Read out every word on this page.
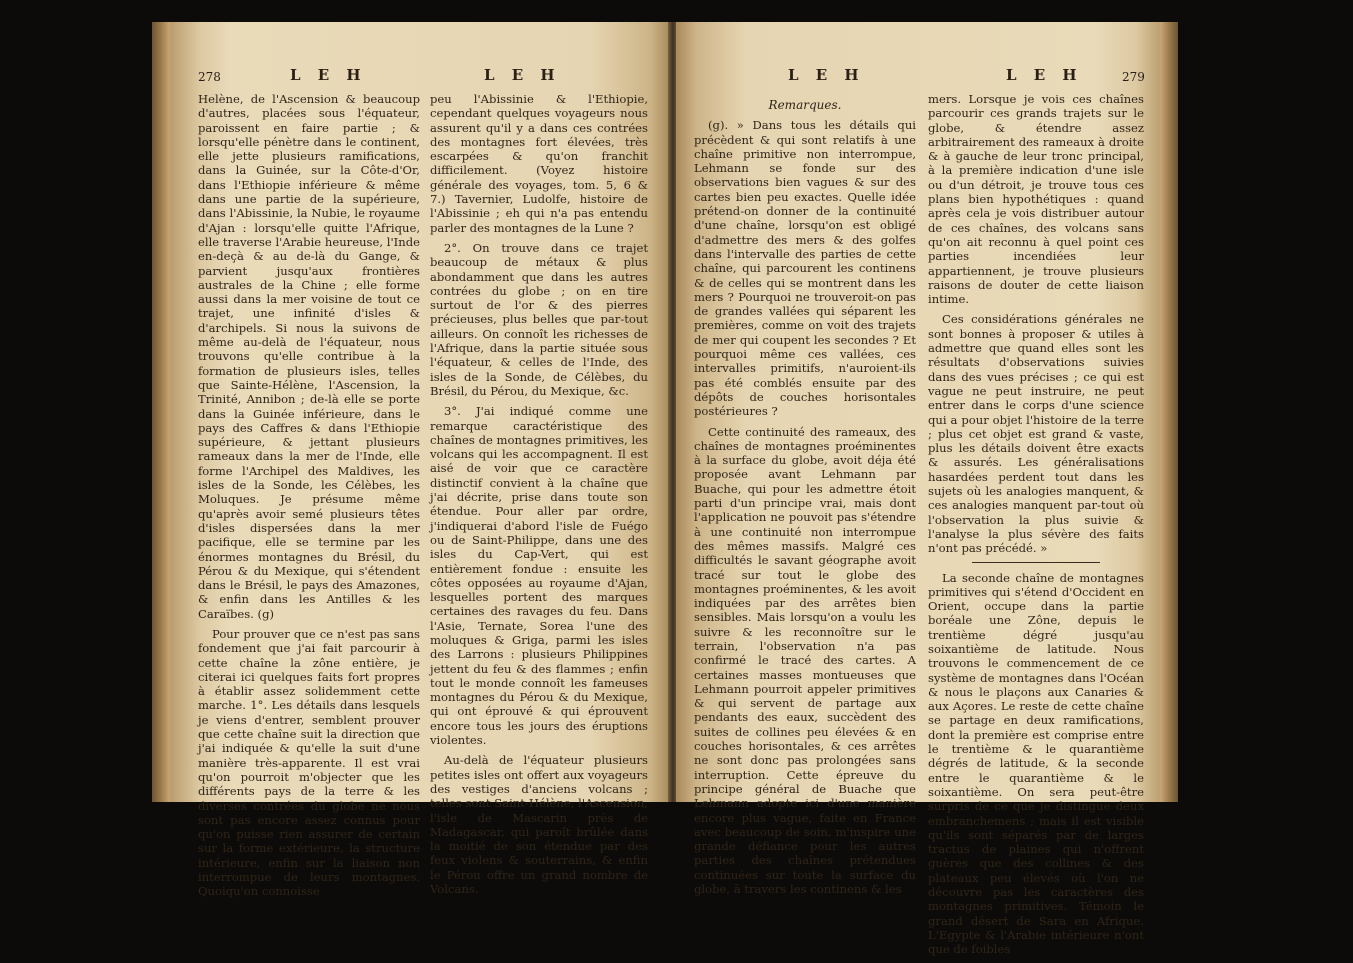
278	L E H	L E H

Helène, de l'Ascension & beaucoup d'autres, placées sous l'équateur, paroissent en faire partie ; & lorsqu'elle pénètre dans le continent, elle jette plusieurs ramifications, dans la Guinée, sur la Côte-d'Or, dans l'Ethiopie inférieure & même dans une partie de la supérieure, dans l'Abissinie, la Nubie, le royaume d'Ajan : lorsqu'elle quitte l'Afrique, elle traverse l'Arabie heureuse, l'Inde en-deçà & au de-là du Gange, & parvient jusqu'aux frontières australes de la Chine ; elle forme aussi dans la mer voisine de tout ce trajet, une infinité d'isles & d'archipels. Si nous la suivons de même au-delà de l'équateur, nous trouvons qu'elle contribue à la formation de plusieurs isles, telles que Sainte-Hélène, l'Ascension, la Trinité, Annibon ; de-là elle se porte dans la Guinée inférieure, dans le pays des Caffres & dans l'Ethiopie supérieure, & jettant plusieurs rameaux dans la mer de l'Inde, elle forme l'Archipel des Maldives, les isles de la Sonde, les Célèbes, les Moluques. Je présume même qu'après avoir semé plusieurs têtes d'isles dispersées dans la mer pacifique, elle se termine par les énormes montagnes du Brésil, du Pérou & du Mexique, qui s'étendent dans le Brésil, le pays des Amazones, & enfin dans les Antilles & les Caraïbes. (g)

Pour prouver que ce n'est pas sans fondement que j'ai fait parcourir à cette chaîne la zône entière, je citerai ici quelques faits fort propres à établir assez solidemment cette marche. 1°. Les détails dans lesquels je viens d'entrer, semblent prouver que cette chaîne suit la direction que j'ai indiquée & qu'elle la suit d'une manière très-apparente. Il est vrai qu'on pourroit m'objecter que les différents pays de la terre & les diverses contrées du globe ne nous sont pas encore assez connus pour qu'on puisse rien assurer de certain sur la forme extérieure, la structure intérieure, enfin sur la liaison non interrompue de leurs montagnes. Quoiqu'on connoisse

peu l'Abissinie & l'Ethiopie, cependant quelques voyageurs nous assurent qu'il y a dans ces contrées des montagnes fort élevées, très escarpées & qu'on franchit difficilement. (Voyez histoire générale des voyages, tom. 5, 6 & 7.) Tavernier, Ludolfe, histoire de l'Abissinie ; eh qui n'a pas entendu parler des montagnes de la Lune ?

2°. On trouve dans ce trajet beaucoup de métaux & plus abondamment que dans les autres contrées du globe ; on en tire surtout de l'or & des pierres précieuses, plus belles que par-tout ailleurs. On connoît les richesses de l'Afrique, dans la partie située sous l'équateur, & celles de l'Inde, des isles de la Sonde, de Célèbes, du Brésil, du Pérou, du Mexique, &c.

3°. J'ai indiqué comme une remarque caractéristique des chaînes de montagnes primitives, les volcans qui les accompagnent. Il est aisé de voir que ce caractère distinctif convient à la chaîne que j'ai décrite, prise dans toute son étendue. Pour aller par ordre, j'indiquerai d'abord l'isle de Fuégo ou de Saint-Philippe, dans une des isles du Cap-Vert, qui est entièrement fondue : ensuite les côtes opposées au royaume d'Ajan, lesquelles portent des marques certaines des ravages du feu. Dans l'Asie, Ternate, Sorea l'une des moluques & Griga, parmi les isles des Larrons : plusieurs Philippines jettent du feu & des flammes ; enfin tout le monde connoît les fameuses montagnes du Pérou & du Mexique, qui ont éprouvé & qui éprouvent encore tous les jours des éruptions violentes.

Au-delà de l'équateur plusieurs petites isles ont offert aux voyageurs des vestiges d'anciens volcans ; telles sont Saint-Hélène, l'Ascension, l'isle de Mascarin près de Madagascar, qui paroît brûlée dans la moitié de son étendue par des feux violens & souterrains, & enfin le Pérou offre un grand nombre de Volcans.

L E H	L E H	279

Remarques.

(g). » Dans tous les détails qui précèdent & qui sont relatifs à une chaîne primitive non interrompue, Lehmann se fonde sur des observations bien vagues & sur des cartes bien peu exactes. Quelle idée prétend-on donner de la continuité d'une chaîne, lorsqu'on est obligé d'admettre des mers & des golfes dans l'intervalle des parties de cette chaîne, qui parcourent les continens & de celles qui se montrent dans les mers ? Pourquoi ne trouveroit-on pas de grandes vallées qui séparent les premières, comme on voit des trajets de mer qui coupent les secondes ? Et pourquoi même ces vallées, ces intervalles primitifs, n'auroient-ils pas été comblés ensuite par des dépôts de couches horisontales postérieures ?

Cette continuité des rameaux, des chaînes de montagnes proéminentes à la surface du globe, avoit déja été proposée avant Lehmann par Buache, qui pour les admettre étoit parti d'un principe vrai, mais dont l'application ne pouvoit pas s'étendre à une continuité non interrompue des mêmes massifs. Malgré ces difficultés le savant géographe avoit tracé sur tout le globe des montagnes proéminentes, & les avoit indiquées par des arrêtes bien sensibles. Mais lorsqu'on a voulu les suivre & les reconnoître sur le terrain, l'observation n'a pas confirmé le tracé des cartes. A certaines masses montueuses que Lehmann pourroit appeler primitives & qui servent de partage aux pendants des eaux, succèdent des suites de collines peu élevées & en couches horisontales, & ces arrêtes ne sont donc pas prolongées sans interruption. Cette épreuve du principe général de Buache que Lehmann adopte ici d'une manière encore plus vague, faite en France avec beaucoup de soin, m'inspire une grande défiance pour les autres parties des chaînes prétendues continuées sur toute la surface du globe, à travers les continens & les

mers. Lorsque je vois ces chaînes parcourir ces grands trajets sur le globe, & étendre assez arbitrairement des rameaux à droite & à gauche de leur tronc principal, à la première indication d'une isle ou d'un détroit, je trouve tous ces plans bien hypothétiques : quand après cela je vois distribuer autour de ces chaînes, des volcans sans qu'on ait reconnu à quel point ces parties incendiées leur appartiennent, je trouve plusieurs raisons de douter de cette liaison intime.

Ces considérations générales ne sont bonnes à proposer & utiles à admettre que quand elles sont les résultats d'observations suivies dans des vues précises ; ce qui est vague ne peut instruire, ne peut entrer dans le corps d'une science qui a pour objet l'histoire de la terre ; plus cet objet est grand & vaste, plus les détails doivent être exacts & assurés. Les généralisations hasardées perdent tout dans les sujets où les analogies manquent, & ces analogies manquent par-tout où l'observation la plus suivie & l'analyse la plus sévère des faits n'ont pas précédé. »

La seconde chaîne de montagnes primitives qui s'étend d'Occident en Orient, occupe dans la partie boréale une Zône, depuis le trentième dégré jusqu'au soixantième de latitude. Nous trouvons le commencement de ce système de montagnes dans l'Océan & nous le plaçons aux Canaries & aux Açores. Le reste de cette chaîne se partage en deux ramifications, dont la première est comprise entre le trentième & le quarantième dégrés de latitude, & la seconde entre le quarantième & le soixantième. On sera peut-être surpris de ce que je distingue deux embranchemens ; mais il est visible qu'ils sont séparés par de larges tractus de plaines qui n'offrent guères que des collines & des plateaux peu élevés où l'on ne découvre pas les caractères des montagnes primitives. Témoin le grand désert de Sara en Afrique. L'Egypte & l'Arabie intérieure n'ont que de foibles
